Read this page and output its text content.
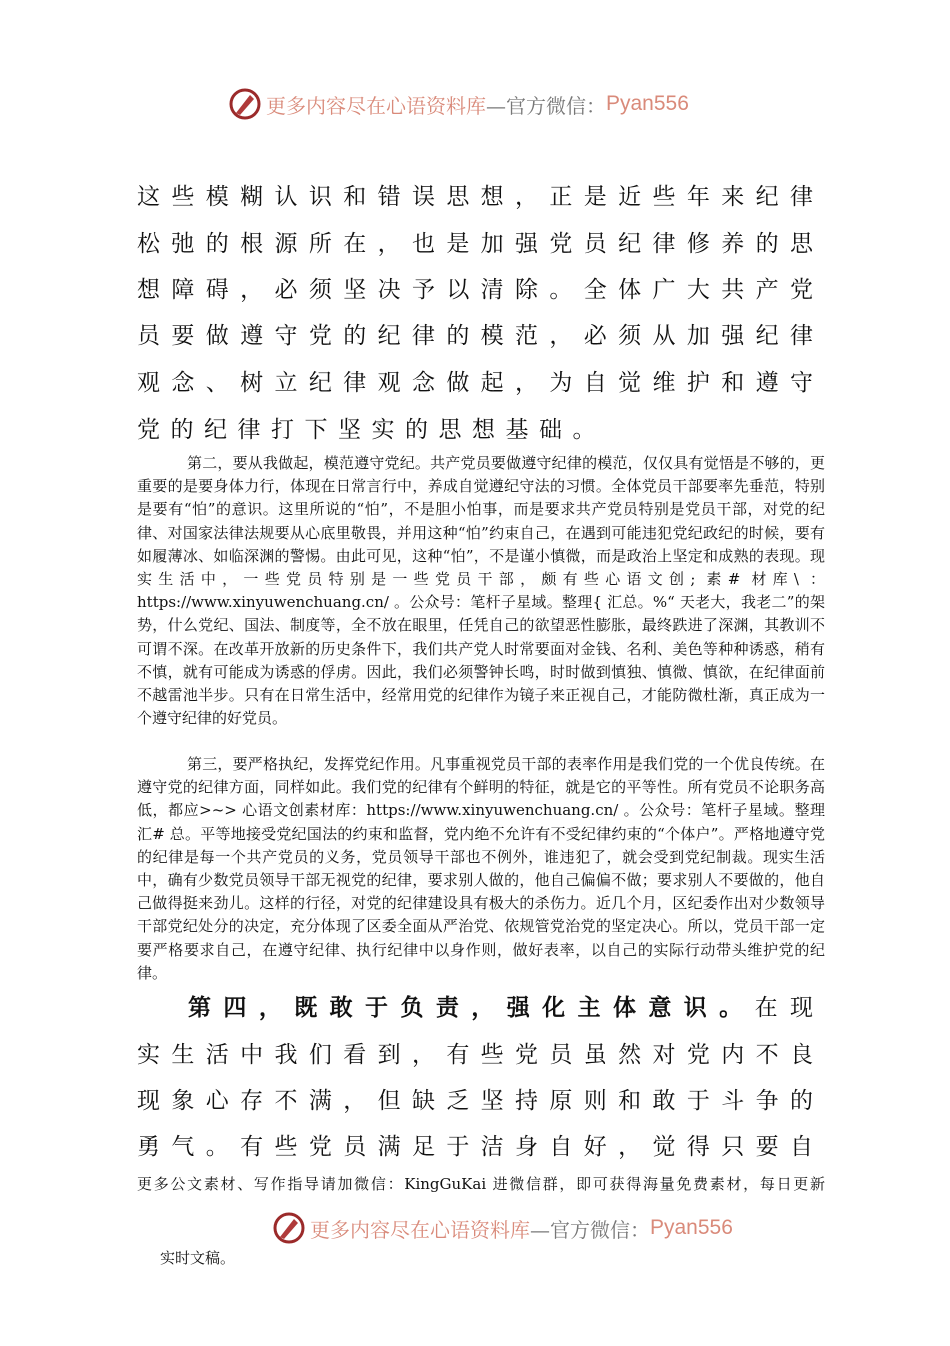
更多内容尽在心语资料库 —官方微信： Pyan556
这些模糊认识和错误思想，正是近些年来纪律
松弛的根源所在，也是加强党员纪律修养的思
想障碍，必须坚决予以清除。全体广大共产党
员要做遵守党的纪律的模范，必须从加强纪律
观念、树立纪律观念做起，为自觉维护和遵守
党的纪律打下坚实的思想基础。
第二，要从我做起，模范遵守党纪。共产党员要做遵守纪律的模范，仅仅具有觉悟是不够的，更重要的是要身体力行，体现在日常言行中，养成自觉遵纪守法的习惯。全体党员干部要率先垂范，特别是要有“怕”的意识。这里所说的“怕”，不是胆小怕事，而是要求共产党员特别是党员干部，对党的纪律、对国家法律法规要从心底里敬畏，并用这种“怕”约束自己，在遇到可能违犯党纪政纪的时候，要有如履薄冰、如临深渊的警惕。由此可见，这种“怕”，不是谨小慎微，而是政治上坚定和成熟的表现。现实生活中，一些党员特别是一些党员干部，颇有些心语文创; 素# 材库\ ：https://www.xinyuwenchuang.cn/ 。公众号：笔杆子星域。整理{ 汇总。%“ 天老大，我老二”的架势，什么党纪、国法、制度等，全不放在眼里，任凭自己的欲望恶性膨胀，最终跌进了深渊，其教训不可谓不深。在改革开放新的历史条件下，我们共产党人时常要面对金钱、名利、美色等种种诱惑，稍有不慎，就有可能成为诱惑的俘虏。因此，我们必须警钟长鸣，时时做到慎独、慎微、慎欲，在纪律面前不越雷池半步。只有在日常生活中，经常用党的纪律作为镜子来正视自己，才能防微杜渐，真正成为一个遵守纪律的好党员。
第三，要严格执纪，发挥党纪作用。凡事重视党员干部的表率作用是我们党的一个优良传统。在遵守党的纪律方面，同样如此。我们党的纪律有个鲜明的特征，就是它的平等性。所有党员不论职务高低，都应>~> 心语文创素材库：https://www.xinyuwenchuang.cn/ 。公众号：笔杆子星域。整理汇# 总。平等地接受党纪国法的约束和监督，党内绝不允许有不受纪律约束的“个体户”。严格地遵守党的纪律是每一个共产党员的义务，党员领导干部也不例外，谁违犯了，就会受到党纪制裁。现实生活中，确有少数党员领导干部无视党的纪律，要求别人做的，他自己偏偏不做；要求别人不要做的，他自己做得挺来劲儿。这样的行径，对党的纪律建设具有极大的杀伤力。近几个月，区纪委作出对少数领导干部党纪处分的决定，充分体现了区委全面从严治党、依规管党治党的坚定决心。所以，党员干部一定要严格要求自己，在遵守纪律、执行纪律中以身作则，做好表率，以自己的实际行动带头维护党的纪律。
第四，既敢于负责，强化主体意识。在现
实生活中我们看到，有些党员虽然对党内不良
现象心存不满，但缺乏坚持原则和敢于斗争的
勇气。有些党员满足于洁身自好，觉得只要自
更多公文素材、写作指导请加微信：KingGuKai 进微信群，即可获得海量免费素材，每日更新
更多内容尽在心语资料库 —官方微信： Pyan556
实时文稿。
